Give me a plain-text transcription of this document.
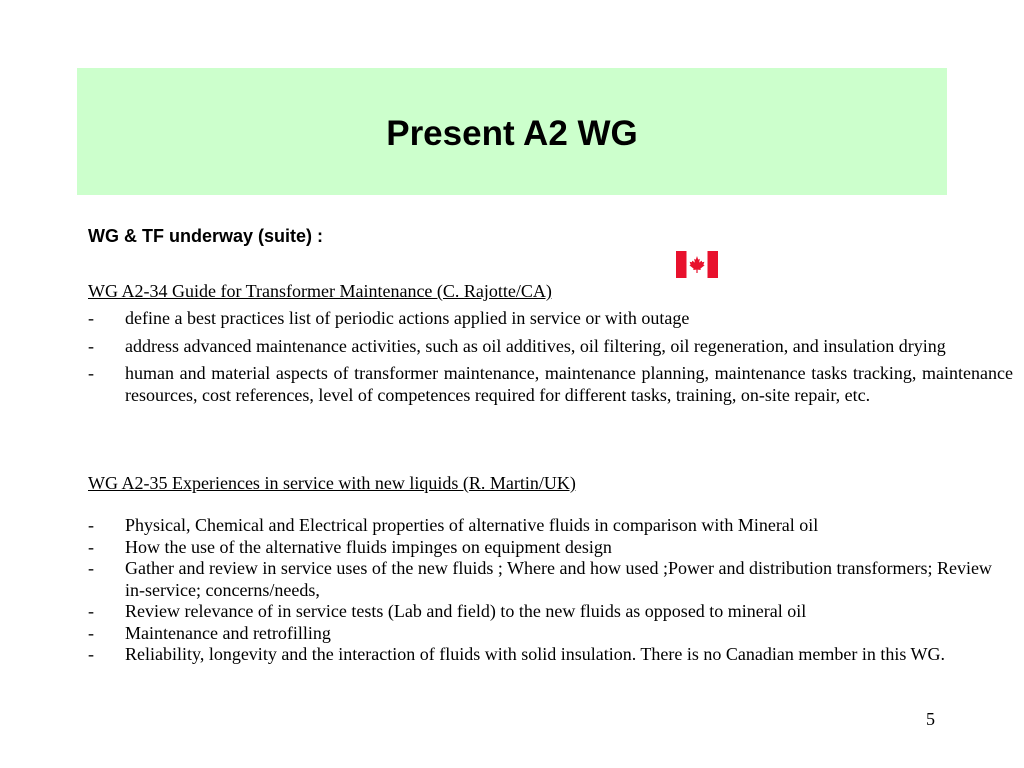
Present A2 WG

WG & TF underway (suite) :

WG A2-34 Guide for Transformer Maintenance (C. Rajotte/CA)

- define a best practices list of periodic actions applied in service or with outage
- address advanced maintenance activities, such as oil additives, oil filtering, oil regeneration, and insulation drying
- human and material aspects of transformer maintenance, maintenance planning, maintenance tasks tracking, maintenance resources, cost references, level of competences required for different tasks, training, on-site repair, etc.

WG A2-35 Experiences in service with new liquids (R. Martin/UK)

- Physical, Chemical and Electrical properties of alternative fluids in comparison with Mineral oil
- How the use of the alternative fluids impinges on equipment design
- Gather and review in service uses of the new fluids ; Where and how used ;Power and distribution transformers; Review in-service; concerns/needs,
- Review relevance of in service tests (Lab and field) to the new fluids as opposed to mineral oil
- Maintenance and retrofilling
- Reliability, longevity and the interaction of fluids with solid insulation. There is no Canadian member in this WG.
5
